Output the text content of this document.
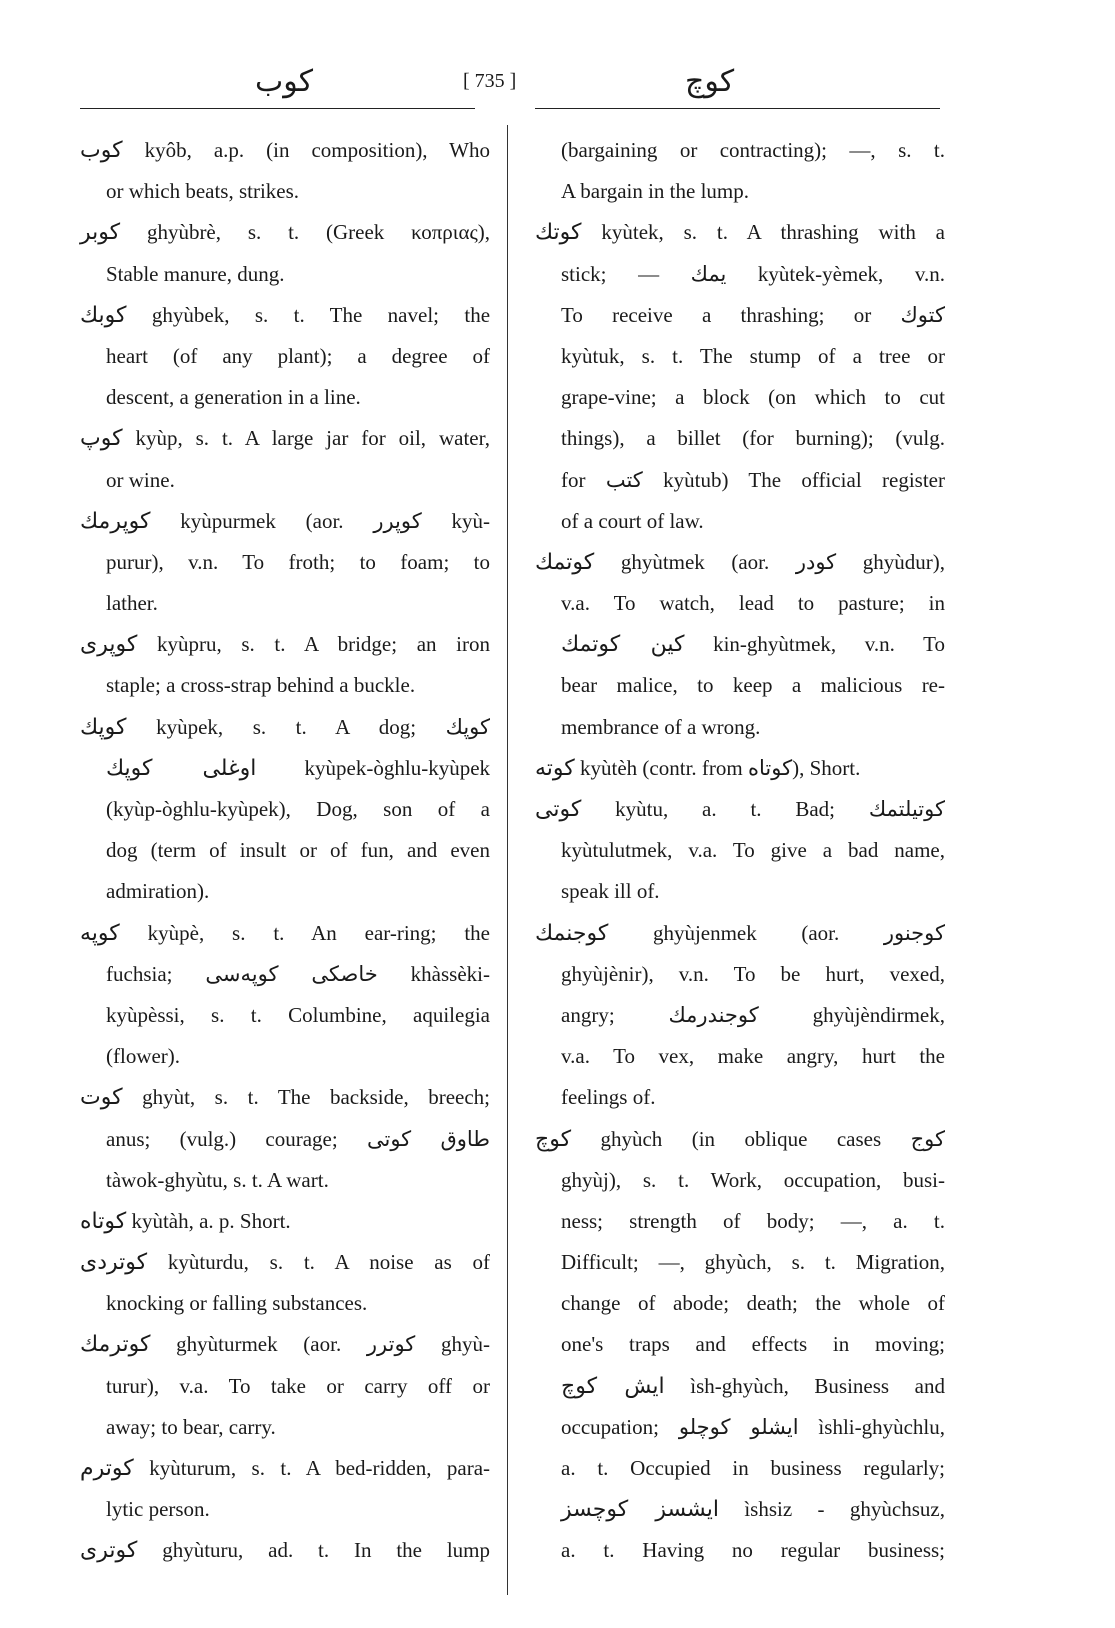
كوب	[ 735 ]	كوچ
كوب kyôb, a.p. (in composition), Who
or which beats, strikes.
كوبر ghyùbrè, s. t. (Greek κοπριας),
Stable manure, dung.
كوبك ghyùbek, s. t. The navel; the
heart (of any plant); a degree of
descent, a generation in a line.
كوپ kyùp, s. t. A large jar for oil, water,
or wine.
كوپرمك kyùpurmek (aor. كوپرر kyù-
purur), v.n. To froth; to foam; to
lather.
كوپری kyùpru, s. t. A bridge; an iron
staple; a cross-strap behind a buckle.
كوپك kyùpek, s. t. A dog; كوپك
اوغلی كوپك kyùpek-òghlu-kyùpek
(kyùp-òghlu-kyùpek), Dog, son of a
dog (term of insult or of fun, and even
admiration).
كوپه kyùpè, s. t. An ear-ring; the
fuchsia; خاصكی كوپه‌سی khàssèki-
kyùpèssi, s. t. Columbine, aquilegia
(flower).
كوت ghyùt, s. t. The backside, breech;
anus; (vulg.) courage; طاوق كوتی
tàwok-ghyùtu, s. t. A wart.
كوتاه kyùtàh, a. p. Short.
كوتردی kyùturdu, s. t. A noise as of
knocking or falling substances.
كوترمك ghyùturmek (aor. كوترر ghyù-
turur), v.a. To take or carry off or
away; to bear, carry.
كوترم kyùturum, s. t. A bed-ridden, para-
lytic person.
كوتری ghyùturu, ad. t. In the lump
(bargaining or contracting); —, s. t.
A bargain in the lump.
كوتك kyùtek, s. t. A thrashing with a
stick; — يمك kyùtek-yèmek, v.n.
To receive a thrashing; or كتوك
kyùtuk, s. t. The stump of a tree or
grape-vine; a block (on which to cut
things), a billet (for burning); (vulg.
for كتب kyùtub) The official register
of a court of law.
كوتمك ghyùtmek (aor. كودر ghyùdur),
v.a. To watch, lead to pasture; in
كين كوتمك kin-ghyùtmek, v.n. To
bear malice, to keep a malicious re-
membrance of a wrong.
كوته kyùtèh (contr. from كوتاه), Short.
كوتی kyùtu, a. t. Bad; كوتيلتمك
kyùtulutmek, v.a. To give a bad name,
speak ill of.
كوجنمك ghyùjenmek (aor. كوجنور
ghyùjènir), v.n. To be hurt, vexed,
angry; كوجندرمك ghyùjèndirmek,
v.a. To vex, make angry, hurt the
feelings of.
كوچ ghyùch (in oblique cases كوج
ghyùj), s. t. Work, occupation, busi-
ness; strength of body; —, a. t.
Difficult; —, ghyùch, s. t. Migration,
change of abode; death; the whole of
one's traps and effects in moving;
ايش كوچ ìsh-ghyùch, Business and
occupation; ايشلو كوچلو ìshli-ghyùchlu,
a. t. Occupied in business regularly;
ايشسز كوچسز ìshsiz - ghyùchsuz,
a. t. Having no regular business;
